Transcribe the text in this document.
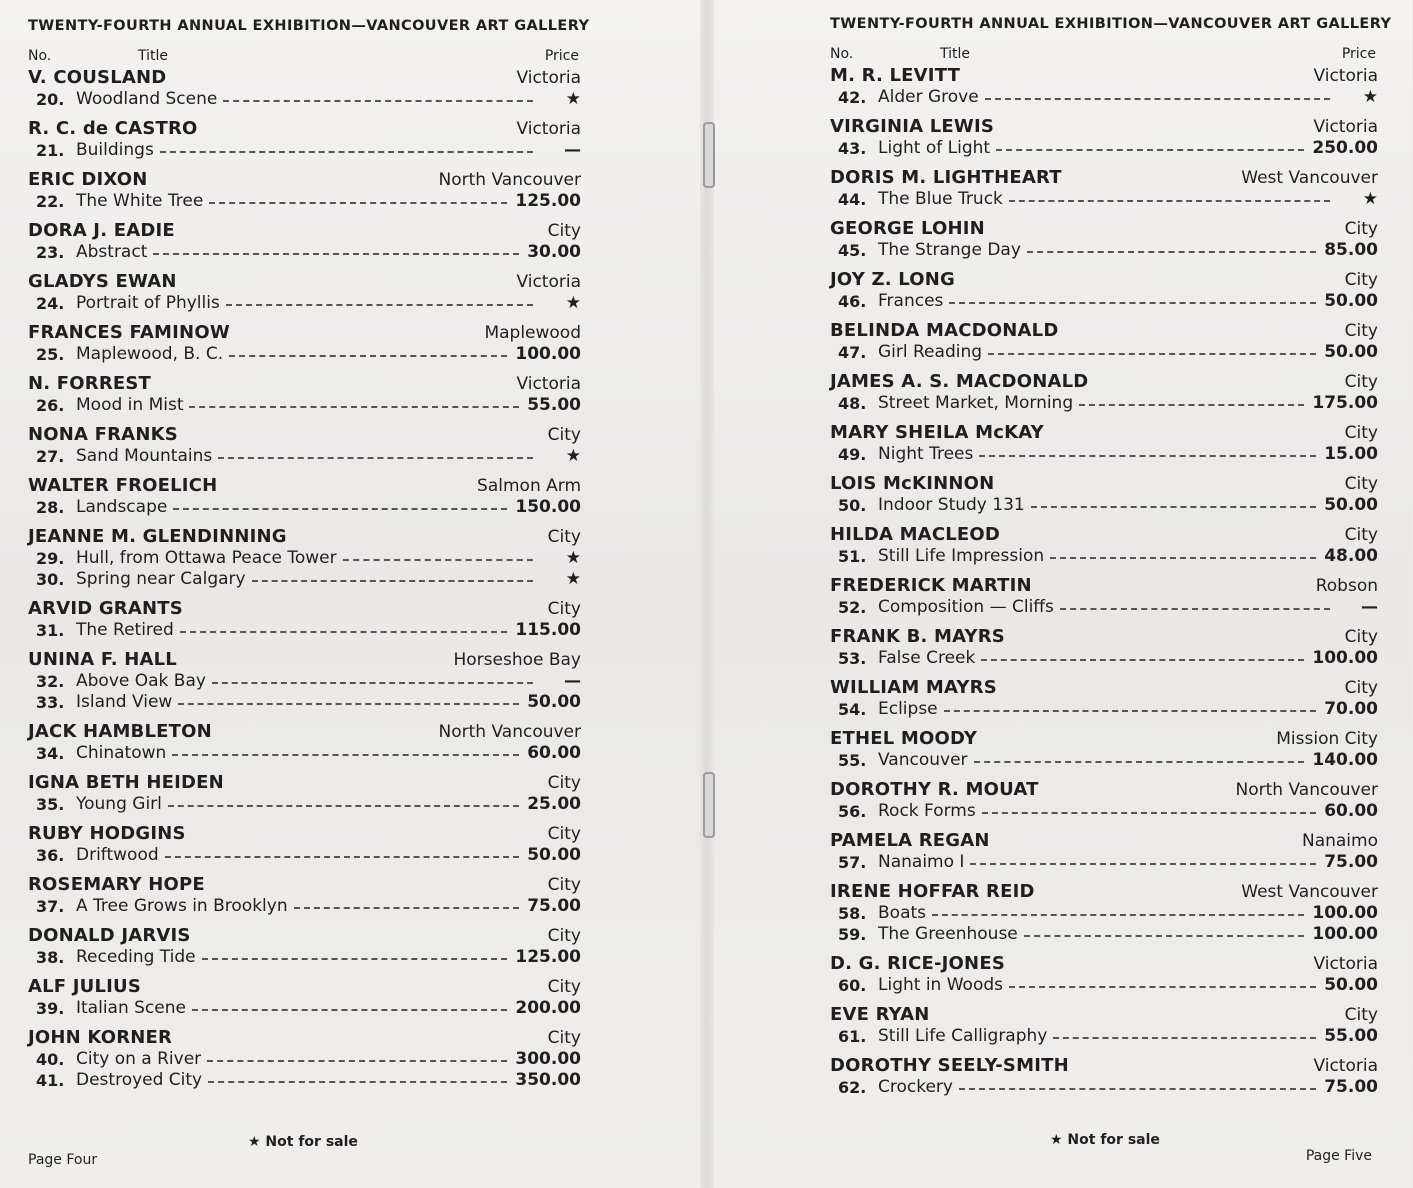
TWENTY-FOURTH ANNUAL EXHIBITION—VANCOUVER ART GALLERY
No.	Title	Price
V. COUSLAND	Victoria
20. Woodland Scene	★
R. C. de CASTRO	Victoria
21. Buildings	—
ERIC DIXON	North Vancouver
22. The White Tree	125.00
DORA J. EADIE	City
23. Abstract	30.00
GLADYS EWAN	Victoria
24. Portrait of Phyllis	★
FRANCES FAMINOW	Maplewood
25. Maplewood, B. C.	100.00
N. FORREST	Victoria
26. Mood in Mist	55.00
NONA FRANKS	City
27. Sand Mountains	★
WALTER FROELICH	Salmon Arm
28. Landscape	150.00
JEANNE M. GLENDINNING	City
29. Hull, from Ottawa Peace Tower	★
30. Spring near Calgary	★
ARVID GRANTS	City
31. The Retired	115.00
UNINA F. HALL	Horseshoe Bay
32. Above Oak Bay	—
33. Island View	50.00
JACK HAMBLETON	North Vancouver
34. Chinatown	60.00
IGNA BETH HEIDEN	City
35. Young Girl	25.00
RUBY HODGINS	City
36. Driftwood	50.00
ROSEMARY HOPE	City
37. A Tree Grows in Brooklyn	75.00
DONALD JARVIS	City
38. Receding Tide	125.00
ALF JULIUS	City
39. Italian Scene	200.00
JOHN KORNER	City
40. City on a River	300.00
41. Destroyed City	350.00
★ Not for sale
Page Four
TWENTY-FOURTH ANNUAL EXHIBITION—VANCOUVER ART GALLERY
No.	Title	Price
M. R. LEVITT	Victoria
42. Alder Grove	★
VIRGINIA LEWIS	Victoria
43. Light of Light	250.00
DORIS M. LIGHTHEART	West Vancouver
44. The Blue Truck	★
GEORGE LOHIN	City
45. The Strange Day	85.00
JOY Z. LONG	City
46. Frances	50.00
BELINDA MACDONALD	City
47. Girl Reading	50.00
JAMES A. S. MACDONALD	City
48. Street Market, Morning	175.00
MARY SHEILA McKAY	City
49. Night Trees	15.00
LOIS McKINNON	City
50. Indoor Study 131	50.00
HILDA MACLEOD	City
51. Still Life Impression	48.00
FREDERICK MARTIN	Robson
52. Composition — Cliffs	—
FRANK B. MAYRS	City
53. False Creek	100.00
WILLIAM MAYRS	City
54. Eclipse	70.00
ETHEL MOODY	Mission City
55. Vancouver	140.00
DOROTHY R. MOUAT	North Vancouver
56. Rock Forms	60.00
PAMELA REGAN	Nanaimo
57. Nanaimo I	75.00
IRENE HOFFAR REID	West Vancouver
58. Boats	100.00
59. The Greenhouse	100.00
D. G. RICE-JONES	Victoria
60. Light in Woods	50.00
EVE RYAN	City
61. Still Life Calligraphy	55.00
DOROTHY SEELY-SMITH	Victoria
62. Crockery	75.00
★ Not for sale
Page Five
